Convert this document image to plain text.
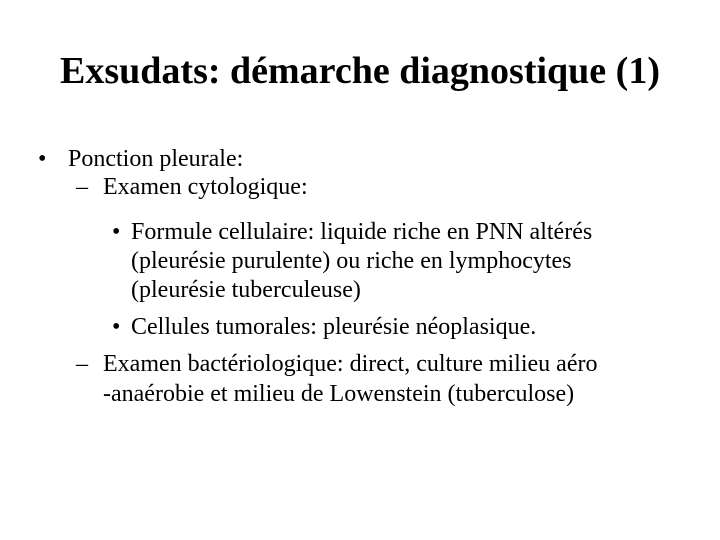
Exsudats: démarche diagnostique (1)
• Ponction pleurale:
– Examen cytologique:
• Formule cellulaire: liquide riche en PNN altérés
(pleurésie purulente) ou riche en lymphocytes
(pleurésie tuberculeuse)
• Cellules tumorales: pleurésie néoplasique.
– Examen bactériologique: direct, culture milieu aéro
-anaérobie et milieu de Lowenstein (tuberculose)
